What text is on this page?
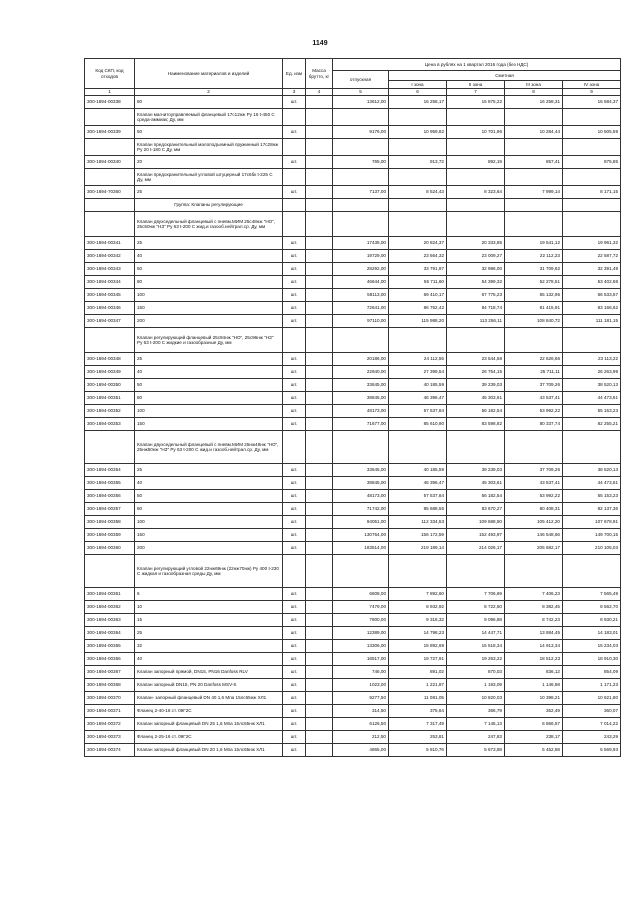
1149
Код СКП, код отходов	Наименование материалов и изделий	Ед. изм	Масса брутто, кг	Цена в рублях на 1 квартал 2016 года (без НДС)				
				отпускная	Сметная			
					I зона	II зона	III зона	IV зона
1	2	3	4	5	6	7	8	9
300-1694-00338	80	шт.		13612,00	16 258,17	15 875,22	16 258,31	16 584,37
	Клапан магнитоуправляемый фланцевый 17с12нж Ру 16 t-450 С среда-аммиак; Ду, мм							
300-1694-00339	50	шт.		9176,00	10 959,82	10 701,96	10 284,44	10 505,59
	Клапан предохранительный малоподъемный пружинный 17с28нж Ру 20 t-180 С Ду, мм							
300-1694-00340	20	шт.		765,00	913,72	892,19	857,41	875,85
	Клапан предохранительный угловой штуцерный 17с6бк t-225 С Ду, мм							
300-1694-70360	25	шт.		7137,00	8 524,43	8 323,64	7 999,14	8 171,15
	Группа: Клапаны регулирующие							
	Клапан двухседельный фланцевый с пневм.МИМ 25с48нж "НО", 25с50нж "НЗ" Ру 63 t-200 С жид.и газооб.нейтрал.ср. Ду, мм							
300-1694-00341	25	шт.		17435,00	20 824,37	20 333,85	19 541,12	19 961,32
300-1694-00342	40	шт.		19729,00	23 564,32	23 009,27	22 112,23	22 587,72
300-1694-00343	50	шт.		28292,00	33 791,97	32 996,00	31 709,62	32 391,49
300-1694-00344	80	шт.		46644,00	55 711,60	54 399,32	52 278,51	53 402,68
300-1694-00345	100	шт.		58113,00	69 410,17	67 775,23	65 132,95	66 533,57
300-1694-00346	150	шт.		72641,00	86 762,42	84 718,74	81 415,91	83 166,62
300-1694-00347	200	шт.		97110,00	115 988,20	113 256,11	108 840,72	111 181,15
	Клапан регулирующий фланцевый 25с94нж "НО", 25с96нж "НЗ" Ру 63 t-200 С жидкие и газообразные Ду, мм							
300-1694-00348	25	шт.		20186,00	24 112,55	23 544,58	22 626,66	23 113,22
300-1694-00349	40	шт.		22940,00	27 399,54	26 754,15	25 711,11	26 263,99
300-1694-00350	50	шт.		33645,00	40 185,59	39 239,03	37 709,26	38 520,13
300-1694-00351	80	шт.		38845,00	46 396,47	45 303,61	43 537,41	44 473,61
300-1694-00352	100	шт.		48173,00	57 537,84	56 182,54	53 992,22	55 153,23
300-1694-00353	150	шт.		71677,00	85 610,90	83 598,82	80 337,74	82 255,21
	Клапан двухседельный фланцевый с пневм.МИМ 25нж48нж "НО", 25нж50нж "НЗ" Ру 63 t-200 С жид.и газооб.нейтрал.ср. Ду, мм							
300-1694-00354	25	шт.		33645,00	40 185,59	39 239,03	37 709,26	38 520,13
300-1694-00355	40	шт.		38845,00	46 396,47	45 303,61	43 537,41	44 473,61
300-1694-00356	50	шт.		48173,00	57 537,84	56 182,54	53 992,22	55 153,23
300-1694-00357	80	шт.		71742,00	85 688,55	83 670,27	80 408,31	82 137,36
300-1694-00358	100	шт.		94051,00	112 334,53	109 688,50	105 412,20	107 678,91
300-1694-00359	150	шт.		130754,00	156 172,59	152 493,97	146 548,66	149 700,15
300-1694-00360	200	шт.		183514,00	219 189,14	214 026,17	205 682,17	210 105,03
	Клапан регулирующий угловой 22нж69нж (22нж70нж) Ру 400 t-230 С жидкая и газообразная среды Ду, мм							
300-1694-00361	6	шт.		6608,00	7 892,60	7 706,69	7 406,23	7 565,49
300-1694-00362	10	шт.		7479,00	8 932,92	8 722,50	8 382,45	8 562,70
300-1694-00363	15	шт.		7800,00	9 316,32	9 096,88	8 742,23	8 930,21
300-1694-00364	25	шт.		12389,00	14 798,23	14 447,71	13 884,45	14 183,01
300-1694-00365	32	шт.		13306,00	15 892,69	15 518,34	14 913,34	15 234,03
300-1694-00366	40	шт.		16517,00	19 727,91	19 263,22	18 512,23	18 910,30
300-1694-00367	Клапан запорный прямой, DN15, PN16 Danfoss RLV	шт.		746,00	891,02	870,03	836,12	854,09
300-1694-00368	Клапан запорный DN15, PN 20 Danfoss MSV-S	шт.		1023,00	1 221,87	1 193,09	1 146,58	1 171,23
300-1694-00370	Клапан- запорный фланцевый DN 40 1,6 Мпа 15лс65нж ХЛ1	шт.		9277,50	11 081,05	10 820,03	10 398,21	10 621,80
300-1694-00371	Фланец 2-40-16 ст. 09Г2С	шт.		314,50	375,64	366,79	352,49	360,07
300-1694-00372	Клапан запорный фланцевый DN 25 1,6 Мпа 15лс65нж ХЛ1	шт.		6126,50	7 317,49	7 145,13	6 866,57	7 014,22
300-1694-00373	Фланец 2-25-16 ст. 09Г2С	шт.		212,50	253,81	247,83	238,17	243,29
300-1694-00374	Клапан запорный фланцевый DN 20 1,6 Мпа 15лс65нж ХЛ1	шт.		4865,00	5 810,76	5 673,88	5 452,68	5 569,93
